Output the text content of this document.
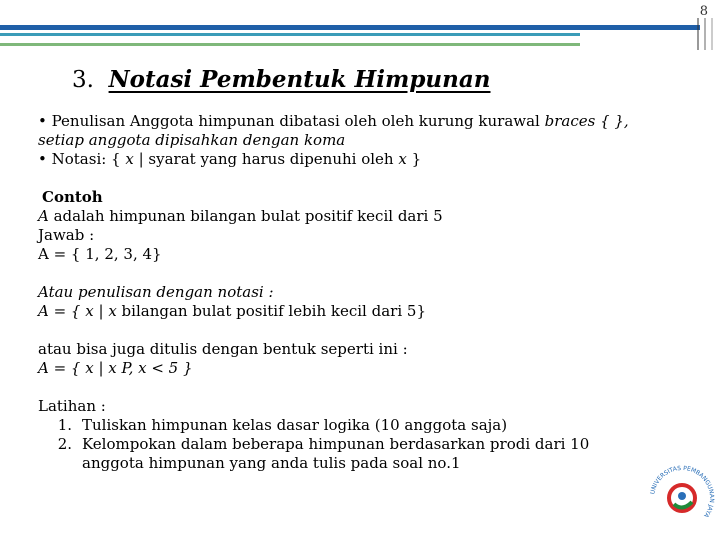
8
3. Notasi Pembentuk Himpunan
• Penulisan Anggota himpunan dibatasi oleh oleh kurung kurawal braces { },
setiap anggota dipisahkan dengan koma
• Notasi: { x | syarat yang harus dipenuhi oleh x }
Contoh
A adalah himpunan bilangan bulat positif kecil dari 5
Jawab :
A = { 1, 2, 3, 4}
Atau penulisan dengan notasi :
A = { x | x bilangan bulat positif lebih kecil dari 5}
atau bisa juga ditulis dengan bentuk seperti ini :
A = { x | x P, x < 5 }
Latihan :
1. Tuliskan himpunan kelas dasar logika (10 anggota saja)
2. Kelompokan dalam beberapa himpunan berdasarkan prodi dari 10
anggota himpunan yang anda tulis pada soal no.1
UNIVERSITAS PEMBANGUNAN JAYA
